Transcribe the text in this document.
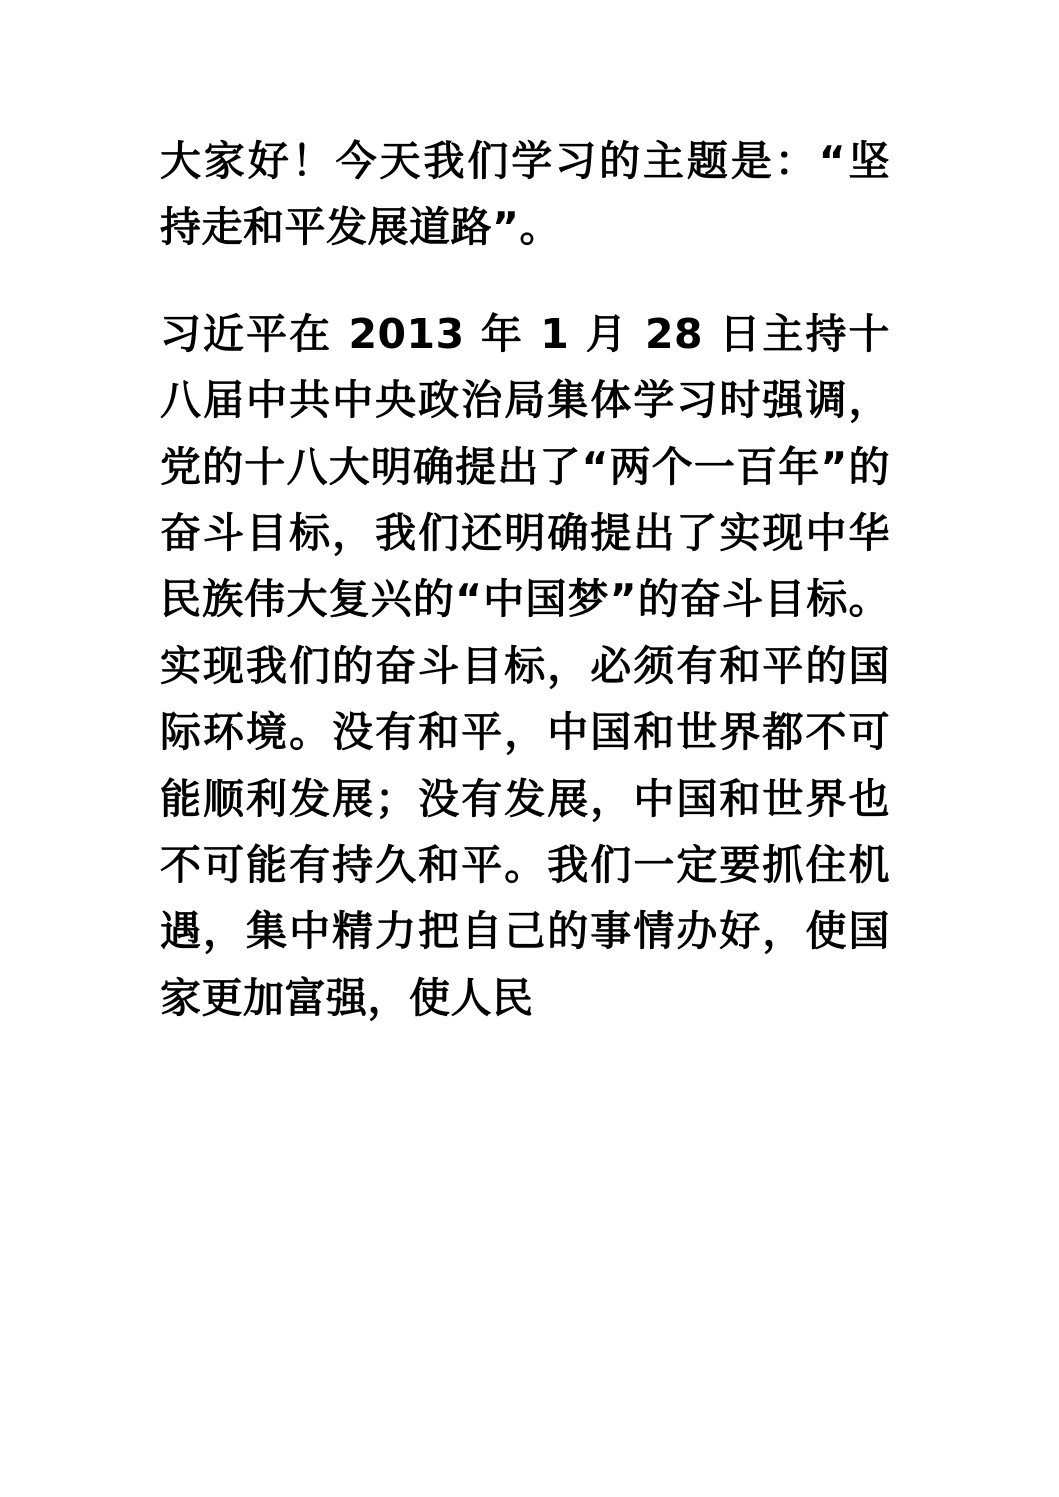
大家好！今天我们学习的主题是：“坚持走和平发展道路”。

习近平在 2013 年 1 月 28 日主持十八届中共中央政治局集体学习时强调，党的十八大明确提出了“两个一百年”的奋斗目标，我们还明确提出了实现中华民族伟大复兴的“中国梦”的奋斗目标。实现我们的奋斗目标，必须有和平的国际环境。没有和平，中国和世界都不可能顺利发展；没有发展，中国和世界也不可能有持久和平。我们一定要抓住机遇，集中精力把自己的事情办好，使国家更加富强，使人民
